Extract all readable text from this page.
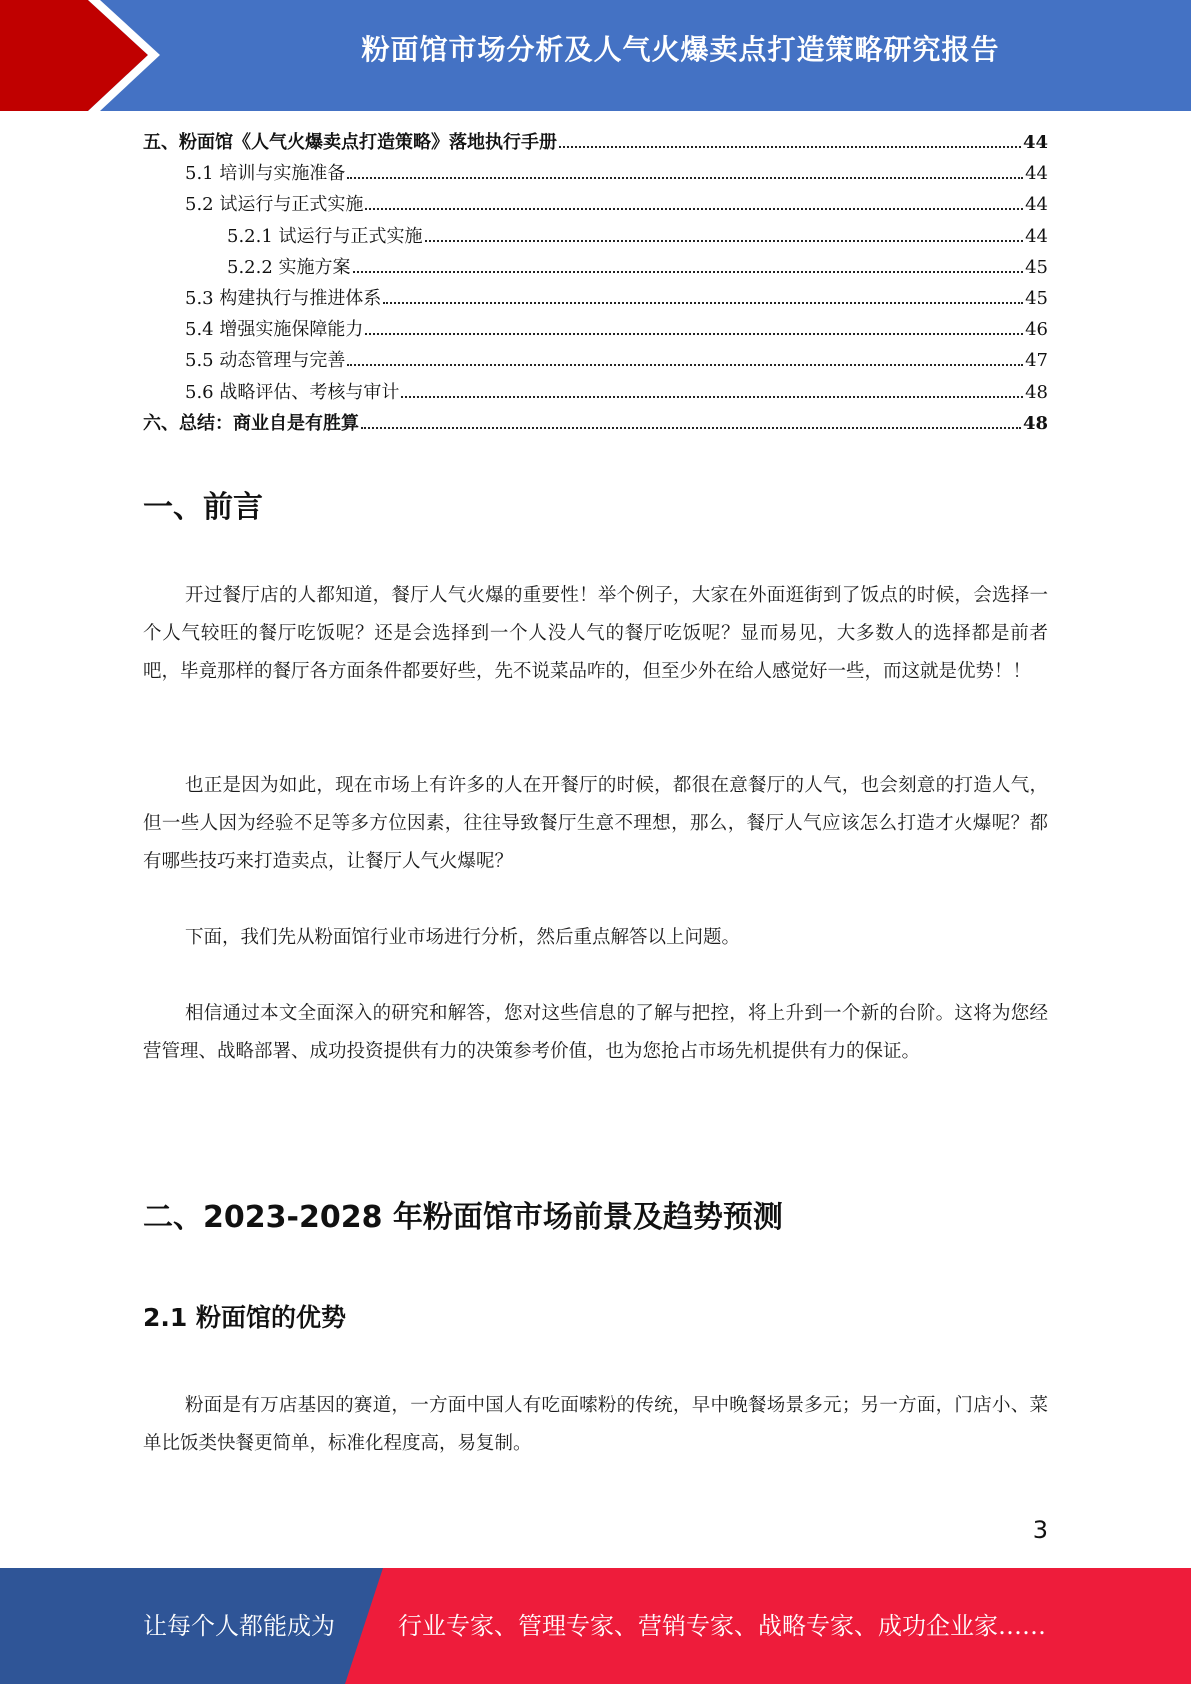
粉面馆市场分析及人气火爆卖点打造策略研究报告
五、粉面馆《人气火爆卖点打造策略》落地执行手册	44
5.1 培训与实施准备	44
5.2 试运行与正式实施	44
5.2.1 试运行与正式实施	44
5.2.2 实施方案	45
5.3 构建执行与推进体系	45
5.4 增强实施保障能力	46
5.5 动态管理与完善	47
5.6 战略评估、考核与审计	48
六、总结：商业自是有胜算	48
一、前言

开过餐厅店的人都知道，餐厅人气火爆的重要性！举个例子，大家在外面逛街到了饭点的时候，会选择一个人气较旺的餐厅吃饭呢？还是会选择到一个人没人气的餐厅吃饭呢？显而易见，大多数人的选择都是前者吧，毕竟那样的餐厅各方面条件都要好些，先不说菜品咋的，但至少外在给人感觉好一些，而这就是优势！！

也正是因为如此，现在市场上有许多的人在开餐厅的时候，都很在意餐厅的人气，也会刻意的打造人气，但一些人因为经验不足等多方位因素，往往导致餐厅生意不理想，那么，餐厅人气应该怎么打造才火爆呢？都有哪些技巧来打造卖点，让餐厅人气火爆呢？

下面，我们先从粉面馆行业市场进行分析，然后重点解答以上问题。

相信通过本文全面深入的研究和解答，您对这些信息的了解与把控，将上升到一个新的台阶。这将为您经营管理、战略部署、成功投资提供有力的决策参考价值，也为您抢占市场先机提供有力的保证。

二、2023-2028 年粉面馆市场前景及趋势预测
2.1 粉面馆的优势

粉面是有万店基因的赛道，一方面中国人有吃面嗦粉的传统，早中晚餐场景多元；另一方面，门店小、菜单比饭类快餐更简单，标准化程度高，易复制。

3
让每个人都能成为	行业专家、管理专家、营销专家、战略专家、成功企业家……
